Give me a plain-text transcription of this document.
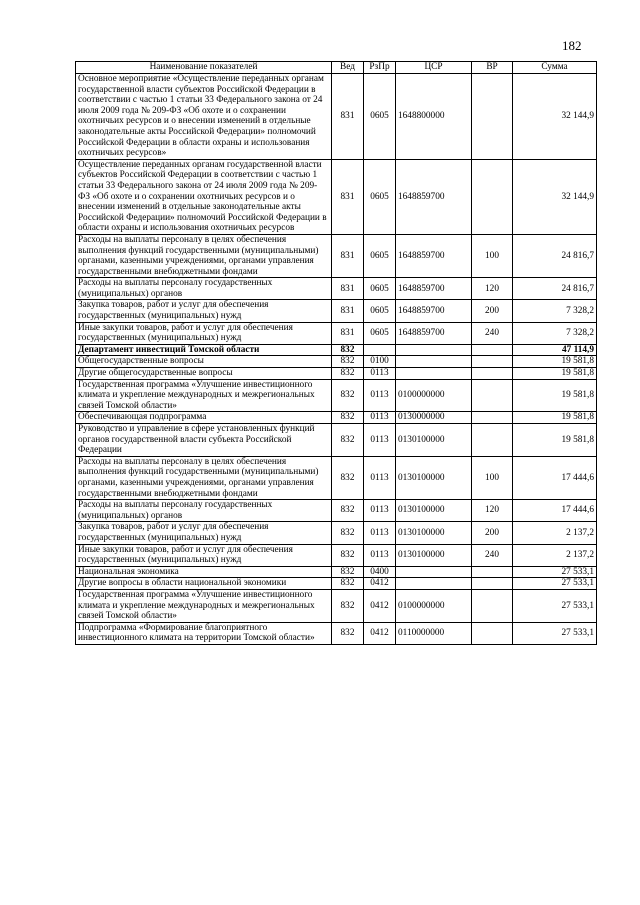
182
Наименование показателей	Вед	РзПр	ЦСР	ВР	Сумма
Основное мероприятие «Осуществление переданных органам государственной власти субъектов Российской Федерации в соответствии с частью 1 статьи 33 Федерального закона от 24 июля 2009 года № 209-ФЗ «Об охоте и о сохранении охотничьих ресурсов и о внесении изменений в отдельные законодательные акты Российской Федерации» полномочий Российской Федерации в области охраны и использования охотничьих ресурсов»	831	0605	1648800000		32 144,9
Осуществление переданных органам государственной власти субъектов Российской Федерации в соответствии с частью 1 статьи 33 Федерального закона от 24 июля 2009 года № 209-ФЗ «Об охоте и о сохранении охотничьих ресурсов и о внесении изменений в отдельные законодательные акты Российской Федерации» полномочий Российской Федерации в области охраны и использования охотничьих ресурсов	831	0605	1648859700		32 144,9
Расходы на выплаты персоналу в целях обеспечения выполнения функций государственными (муниципальными) органами, казенными учреждениями, органами управления государственными внебюджетными фондами	831	0605	1648859700	100	24 816,7
Расходы на выплаты персоналу государственных (муниципальных) органов	831	0605	1648859700	120	24 816,7
Закупка товаров, работ и услуг для обеспечения государственных (муниципальных) нужд	831	0605	1648859700	200	7 328,2
Иные закупки товаров, работ и услуг для обеспечения государственных (муниципальных) нужд	831	0605	1648859700	240	7 328,2
Департамент инвестиций Томской области	832				47 114,9
Общегосударственные вопросы	832	0100			19 581,8
Другие общегосударственные вопросы	832	0113			19 581,8
Государственная программа «Улучшение инвестиционного климата и укрепление международных и межрегиональных связей Томской области»	832	0113	0100000000		19 581,8
Обеспечивающая подпрограмма	832	0113	0130000000		19 581,8
Руководство и управление в сфере установленных функций органов государственной власти субъекта Российской Федерации	832	0113	0130100000		19 581,8
Расходы на выплаты персоналу в целях обеспечения выполнения функций государственными (муниципальными) органами, казенными учреждениями, органами управления государственными внебюджетными фондами	832	0113	0130100000	100	17 444,6
Расходы на выплаты персоналу государственных (муниципальных) органов	832	0113	0130100000	120	17 444,6
Закупка товаров, работ и услуг для обеспечения государственных (муниципальных) нужд	832	0113	0130100000	200	2 137,2
Иные закупки товаров, работ и услуг для обеспечения государственных (муниципальных) нужд	832	0113	0130100000	240	2 137,2
Национальная экономика	832	0400			27 533,1
Другие вопросы в области национальной экономики	832	0412			27 533,1
Государственная программа «Улучшение инвестиционного климата и укрепление международных и межрегиональных связей Томской области»	832	0412	0100000000		27 533,1
Подпрограмма «Формирование благоприятного инвестиционного климата на территории Томской области»	832	0412	0110000000		27 533,1
